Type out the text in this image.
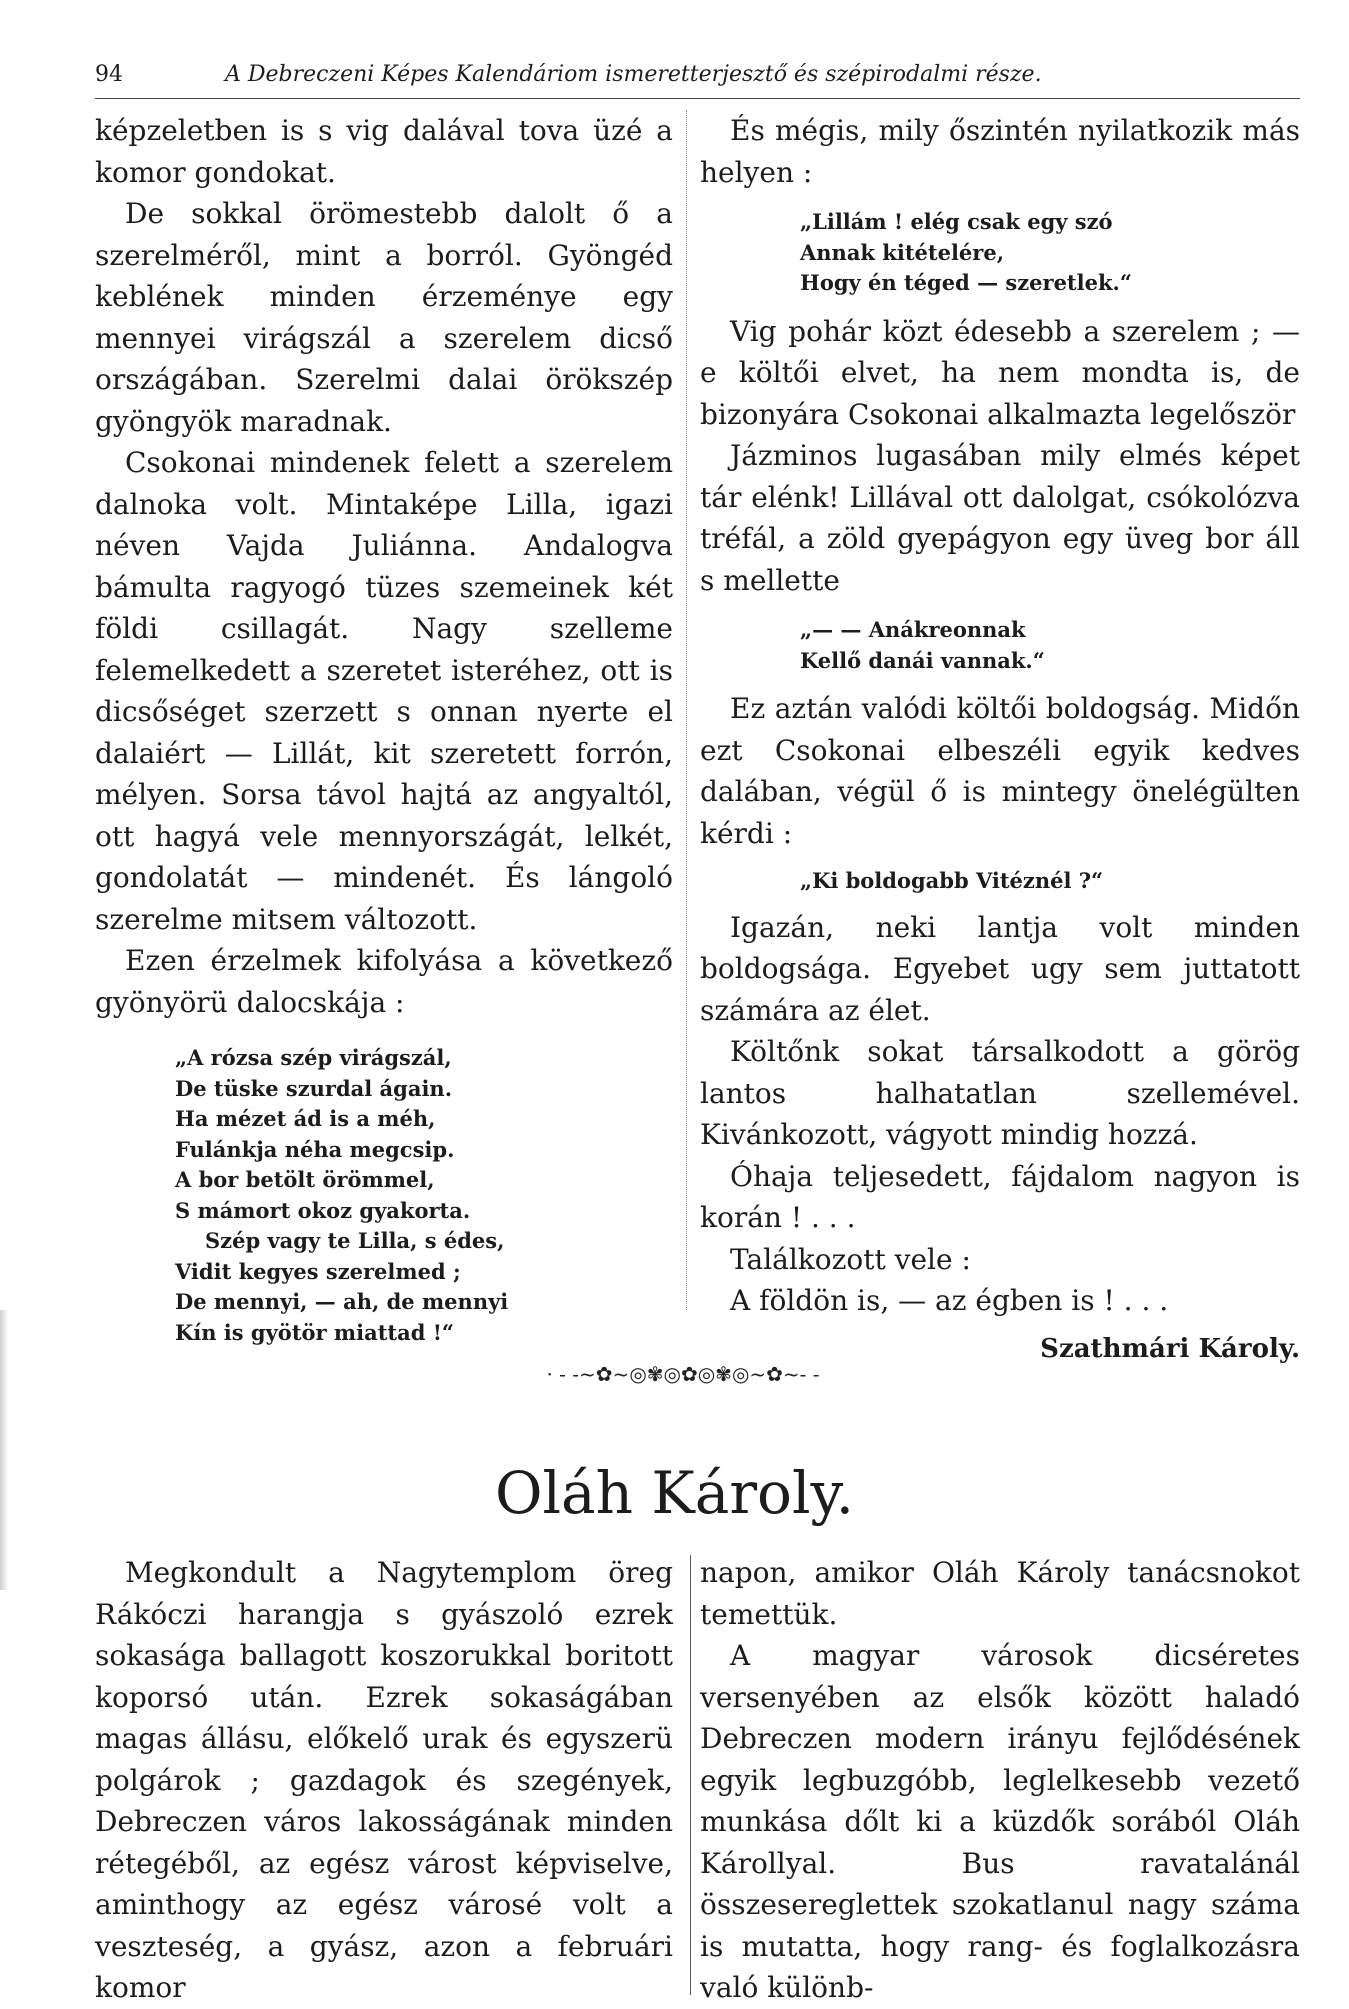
94	A Debreczeni Képes Kalendáriom ismeretterjesztő és szépirodalmi része.

képzeletben is s vig dalával tova üzé a komor gondokat.

De sokkal örömestebb dalolt ő a szerelméről, mint a borról. Gyöngéd keblének minden érzeménye egy mennyei virágszál a szerelem dicső országában. Szerelmi dalai örökszép gyöngyök maradnak.

Csokonai mindenek felett a szerelem dalnoka volt. Mintaképe Lilla, igazi néven Vajda Juliánna. Andalogva bámulta ragyogó tüzes szemeinek két földi csillagát. Nagy szelleme felemelkedett a szeretet isteréhez, ott is dicsőséget szerzett s onnan nyerte el dalaiért — Lillát, kit szeretett forrón, mélyen. Sorsa távol hajtá az angyaltól, ott hagyá vele mennyországát, lelkét, gondolatát — mindenét. És lángoló szerelme mitsem változott.

Ezen érzelmek kifolyása a következő gyönyörü dalocskája :

„A rózsa szép virágszál,
De tüske szurdal ágain.
Ha mézet ád is a méh,
Fulánkja néha megcsip.
A bor betölt örömmel,
S mámort okoz gyakorta.
Szép vagy te Lilla, s édes,
Vidit kegyes szerelmed ;
De mennyi, — ah, de mennyi
Kín is gyötör miattad !“

És mégis, mily őszintén nyilatkozik más helyen :

„Lillám ! elég csak egy szó
Annak kitételére,
Hogy én téged — szeretlek.“

Vig pohár közt édesebb a szerelem ; — e költői elvet, ha nem mondta is, de bizonyára Csokonai alkalmazta legelőször

Jázminos lugasában mily elmés képet tár elénk! Lillával ott dalolgat, csókolózva tréfál, a zöld gyepágyon egy üveg bor áll s mellette

„— — Anákreonnak
Kellő danái vannak.“

Ez aztán valódi költői boldogság. Midőn ezt Csokonai elbeszéli egyik kedves dalában, végül ő is mintegy önelégülten kérdi :

„Ki boldogabb Vitéznél ?“

Igazán, neki lantja volt minden boldogsága. Egyebet ugy sem juttatott számára az élet.

Költőnk sokat társalkodott a görög lantos halhatatlan szellemével. Kivánkozott, vágyott mindig hozzá.

Óhaja teljesedett, fájdalom nagyon is korán ! . . .

Találkozott vele :

A földön is, — az égben is ! . . .

Szathmári Károly.
· - -~✿~◎✾◎✿◎✾◎~✿~- -
Oláh Károly.

Megkondult a Nagytemplom öreg Rákóczi harangja s gyászoló ezrek sokasága ballagott koszorukkal boritott koporsó után. Ezrek sokaságában magas állásu, előkelő urak és egyszerü polgárok ; gazdagok és szegények, Debreczen város lakosságának minden rétegéből, az egész várost képviselve, aminthogy az egész városé volt a veszteség, a gyász, azon a februári komor

napon, amikor Oláh Károly tanácsnokot temettük.

A magyar városok dicséretes versenyében az elsők között haladó Debreczen modern irányu fejlődésének egyik legbuzgóbb, leglelkesebb vezető munkása dőlt ki a küzdők sorából Oláh Károllyal. Bus ravatalánál összesereglettek szokatlanul nagy száma is mutatta, hogy rang- és foglalkozásra való különb-
